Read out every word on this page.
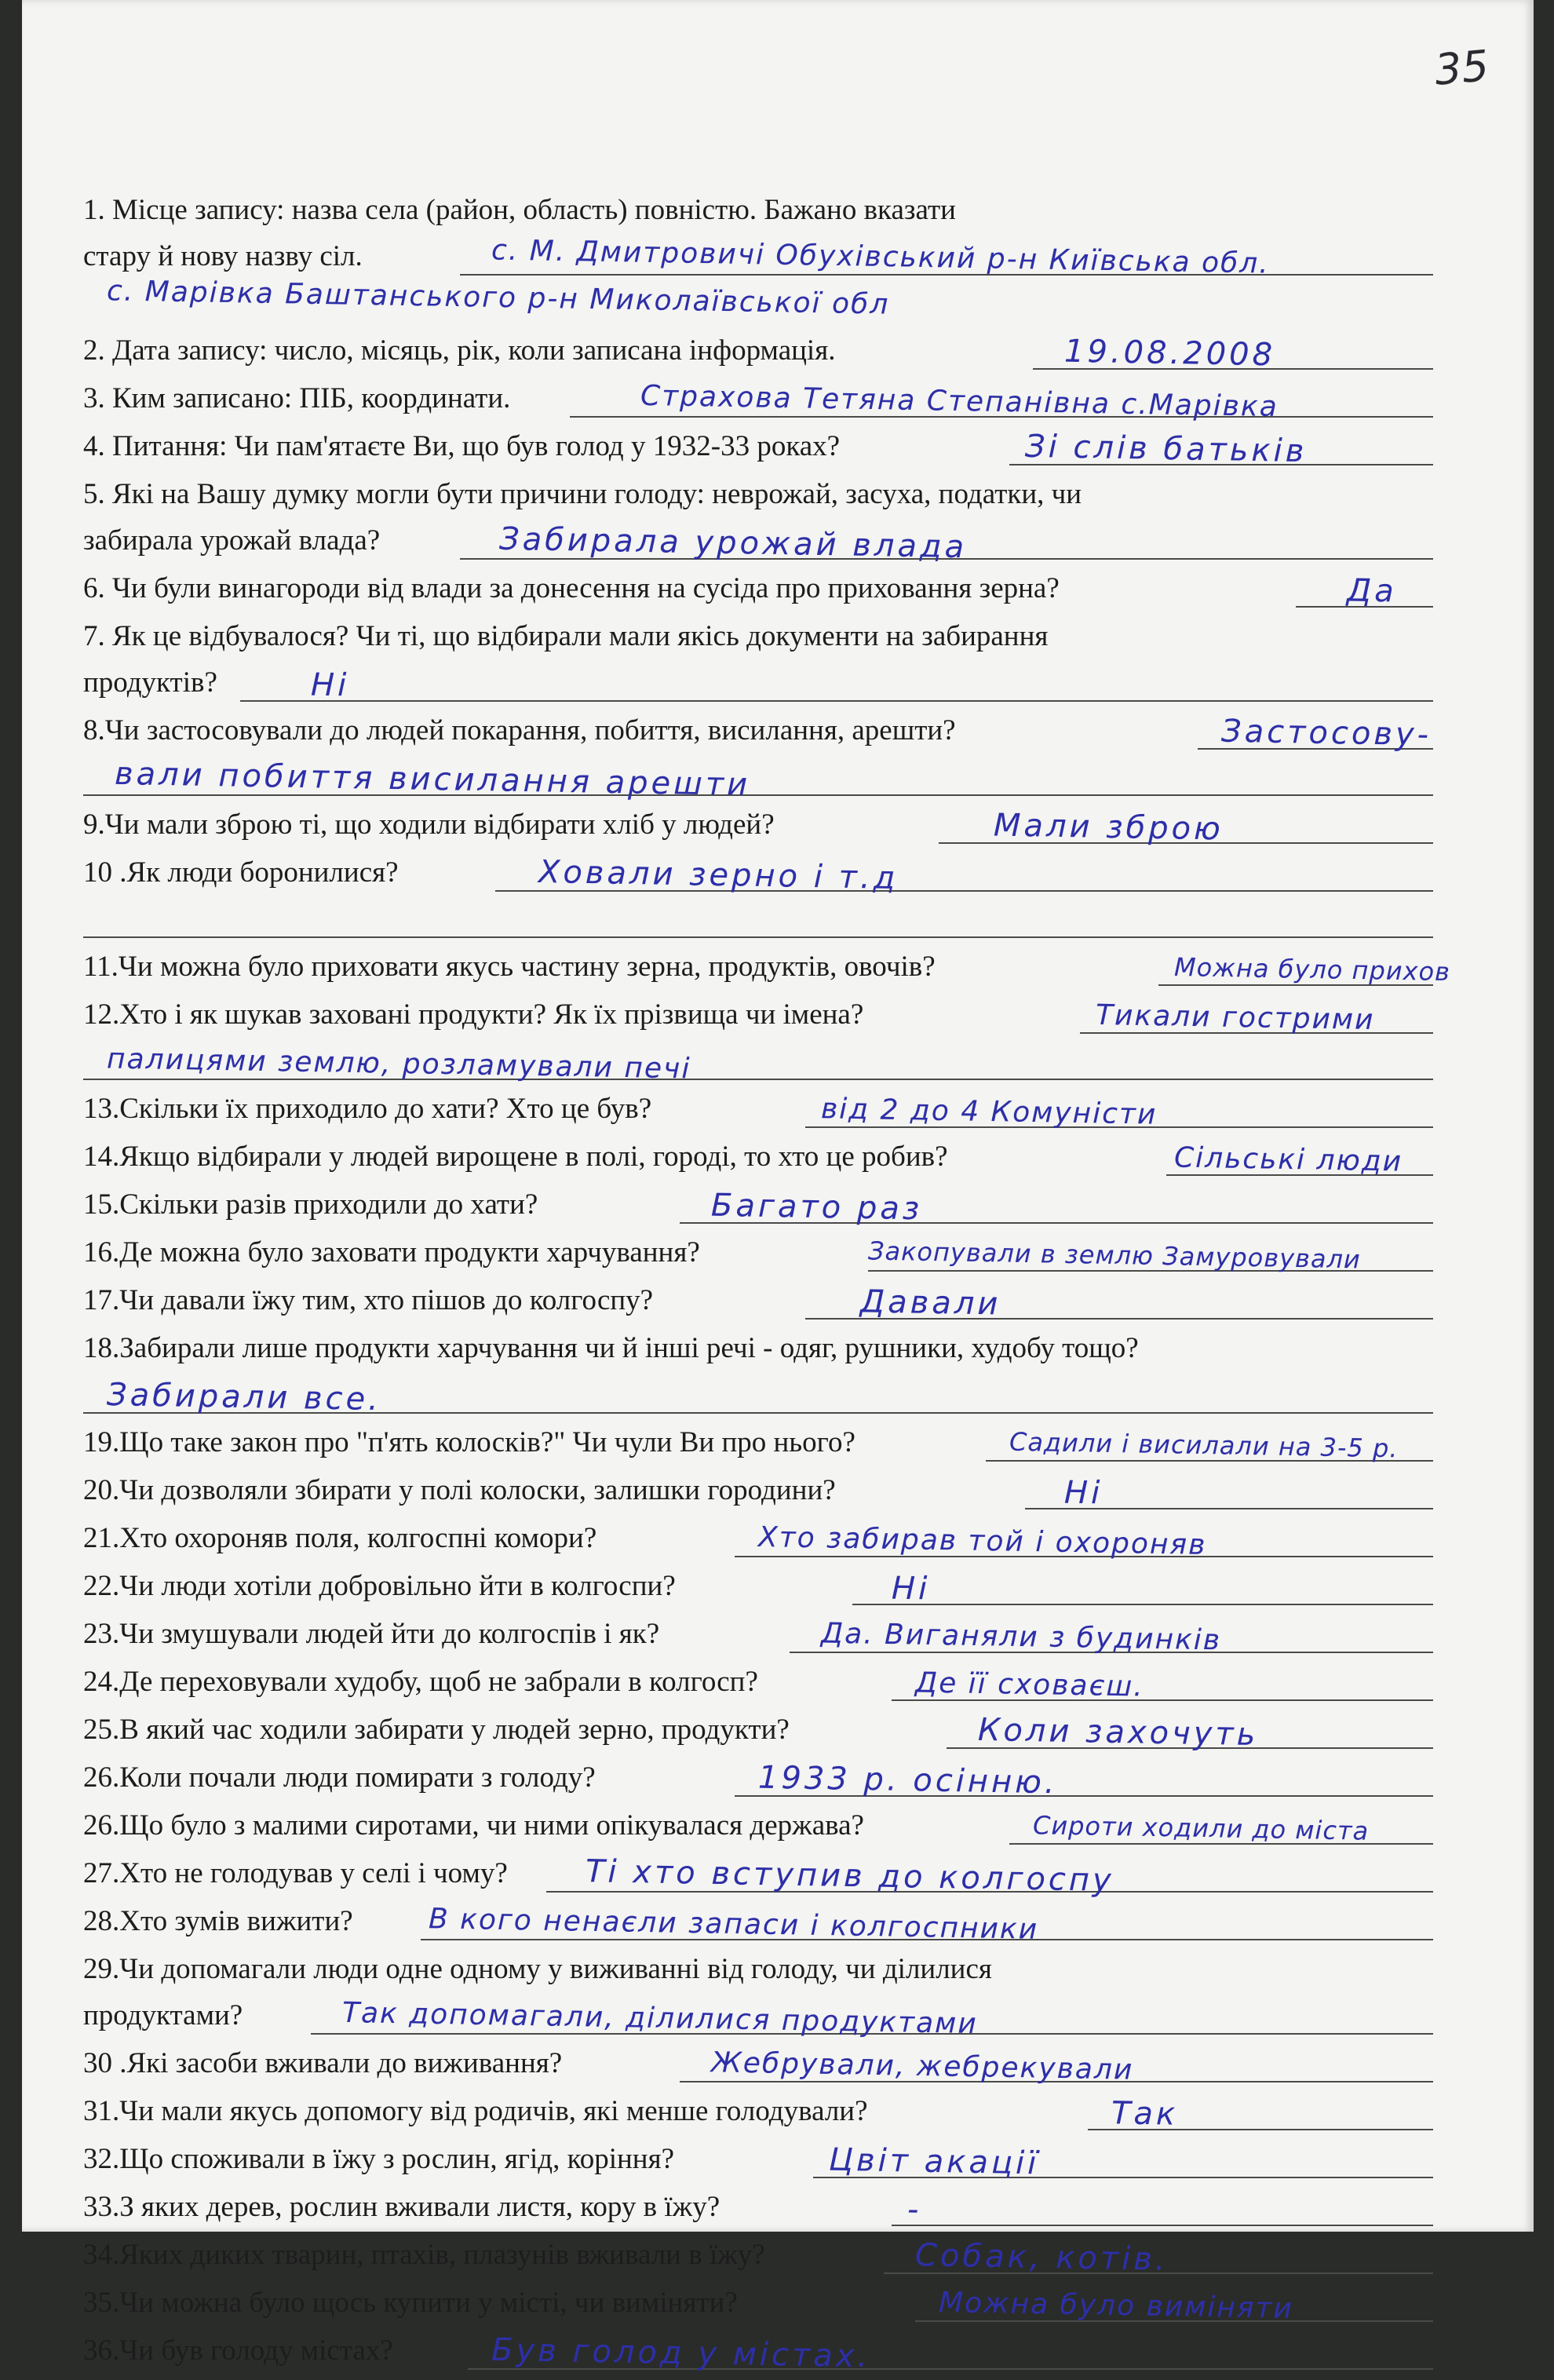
35
1. Місце запису: назва села (район, область) повністю. Бажано вказати
стару й нову назву сіл.	с. М. Дмитровичі Обухівський р-н Київська обл.
с. Марівка Баштанського р-н Миколаївської обл
2. Дата запису: число, місяць, рік, коли записана інформація.	19.08.2008
3. Ким записано: ПІБ, координати.	Страхова Тетяна Степанівна с.Марівка
4. Питання: Чи пам'ятаєте Ви, що був голод у 1932-33 роках?	Зі слів батьків
5. Які на Вашу думку могли бути причини голоду: неврожай, засуха, податки, чи
забирала урожай влада?	Забирала урожай влада
6. Чи були винагороди від влади за донесення на сусіда про приховання зерна?	Да
7. Як це відбувалося? Чи ті, що відбирали мали якісь документи на забирання
продуктів?	Ні
8.Чи застосовували до людей покарання, побиття, висилання, арешти?	Застосову-
вали побиття висилання арешти
9.Чи мали зброю ті, що ходили відбирати хліб у людей?	Мали зброю
10 .Як люди боронилися?	Ховали зерно і т.д
11.Чи можна було приховати якусь частину зерна, продуктів, овочів?	Можна було прихов
12.Хто і як шукав заховані продукти? Як їх прізвища чи імена?	Тикали гострими
палицями землю, розламували печі
13.Скільки їх приходило до хати? Хто це був?	від 2 до 4 Комуністи
14.Якщо відбирали у людей вирощене в полі, городі, то хто це робив?	Сільські люди
15.Скільки разів приходили до хати?	Багато раз
16.Де можна було заховати продукти харчування?	Закопували в землю Замуровували
17.Чи давали їжу тим, хто пішов до колгоспу?	Давали
18.Забирали лише продукти харчування чи й інші речі - одяг, рушники, худобу тощо?
Забирали все.
19.Що таке закон про "п'ять колосків?" Чи чули Ви про нього?	Садили і висилали на 3-5 р.
20.Чи дозволяли збирати у полі колоски, залишки городини?	Ні
21.Хто охороняв поля, колгоспні комори?	Хто забирав той і охороняв
22.Чи люди хотіли добровільно йти в колгоспи?	Ні
23.Чи змушували людей йти до колгоспів і як?	Да. Виганяли з будинків
24.Де переховували худобу, щоб не забрали в колгосп?	Де її сховаєш.
25.В який час ходили забирати у людей зерно, продукти?	Коли захочуть
26.Коли почали люди помирати з голоду?	1933 р. осінню.
26.Що було з малими сиротами, чи ними опікувалася держава?	Сироти ходили до міста
27.Хто не голодував у селі і чому? Ті хто вступив до колгоспу
28.Хто зумів вижити?	В кого ненаєли запаси і колгоспники
29.Чи допомагали люди одне одному у виживанні від голоду, чи ділилися
продуктами?	Так допомагали, ділилися продуктами
30 .Які засоби вживали до виживання?	Жебрували, жебрекували
31.Чи мали якусь допомогу від родичів, які менше голодували?	Так
32.Що споживали в їжу з рослин, ягід, коріння?	Цвіт акації
33.З яких дерев, рослин вживали листя, кору в їжу?	-
34.Яких диких тварин, птахів, плазунів вживали в їжу?	Собак, котів.
35.Чи можна було щось купити у місті, чи виміняти?	Можна було виміняти
36.Чи був голоду містах?	Був голод у містах.
